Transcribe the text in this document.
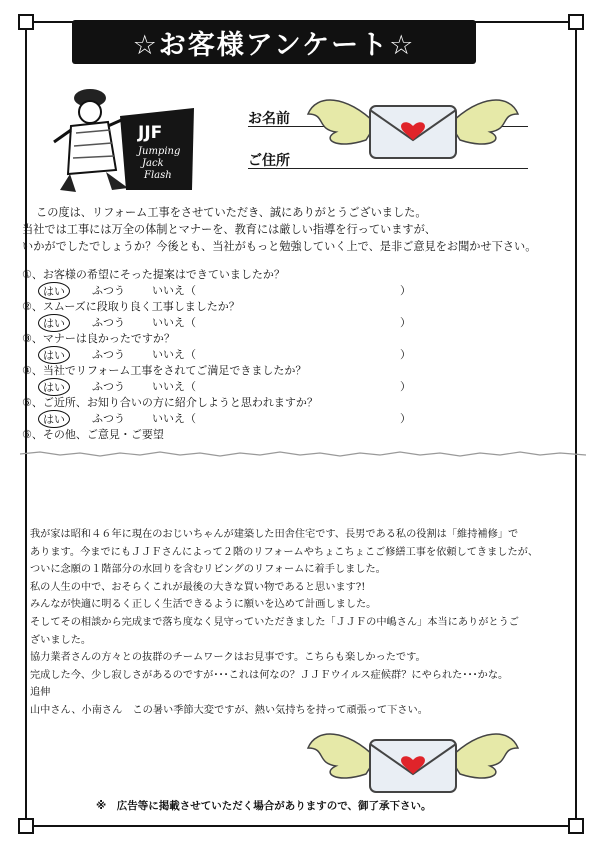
☆お客様アンケート☆
JJF
Jumping
Jack
Flash
お名前
ご住所

この度は、リフォーム工事をさせていただき、誠にありがとうございました。

当社では工事には万全の体制とマナーを、教育には厳しい指導を行っていますが、

いかがでしたでしょうか？今後とも、当社がもっと勉強していく上で、是非ご意見をお聞かせ下さい。

①、お客様の希望にそった提案はできていましたか？
はい	ふつう いいえ（	）
②、スムーズに段取り良く工事しましたか？
はい	ふつう いいえ（	）
③、マナーは良かったですか？
はい	ふつう いいえ（	）
④、当社でリフォーム工事をされてご満足できましたか？
はい	ふつう いいえ（	）
⑤、ご近所、お知り合いの方に紹介しようと思われますか？
はい	ふつう いいえ（	）
⑥、その他、ご意見・ご要望

我が家は昭和４６年に現在のおじいちゃんが建築した田舎住宅です、長男である私の役割は「維持補修」で

あります。今までにもＪＪＦさんによって２階のリフォームやちょこちょこご修繕工事を依頼してきましたが、

ついに念願の１階部分の水回りを含むリビングのリフォームに着手しました。

私の人生の中で、おそらくこれが最後の大きな買い物であると思います?!

みんなが快適に明るく正しく生活できるように願いを込めて計画しました。

そしてその相談から完成まで落ち度なく見守っていただきました「ＪＪＦの中嶋さん」本当にありがとうご

ざいました。

協力業者さんの方々との抜群のチームワークはお見事です。こちらも楽しかったです。

完成した今、少し寂しさがあるのですが･･･これは何なの？ＪＪＦウイルス症候群？にやられた･･･かな。

追伸

山中さん、小南さん　この暑い季節大変ですが、熱い気持ちを持って頑張って下さい。

※　広告等に掲載させていただく場合がありますので、御了承下さい。
